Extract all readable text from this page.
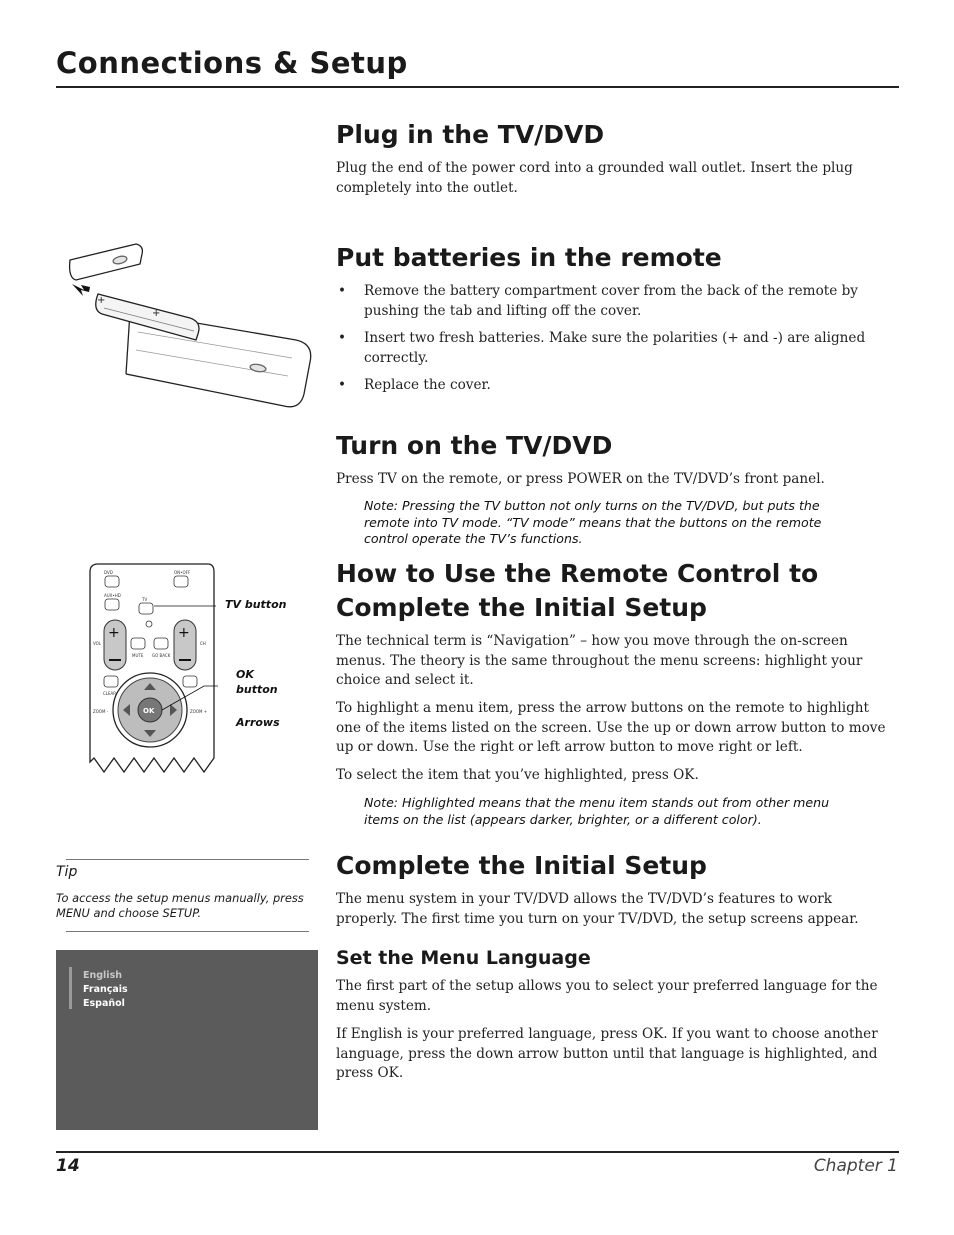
Connections & Setup
Plug in the TV/DVD
Plug the end of the power cord into a grounded wall outlet. Insert the plug completely into the outlet.
+
+
Put batteries in the remote
• Remove the battery compartment cover from the back of the remote by pushing the tab and lifting off the cover.
• Insert two fresh batteries. Make sure the polarities (+ and -) are aligned correctly.
• Replace the cover.
Turn on the TV/DVD
Press TV on the remote, or press POWER on the TV/DVD’s front panel.
Note: Pressing the TV button not only turns on the TV/DVD, but puts the remote into TV mode. “TV mode” means that the buttons on the remote control operate the TV’s functions.
+	+
DVD	ON•OFF
AUX•HD
TV
VOL	CH
MUTE GO BACK
CLEAR
ZOOM -	ZOOM +
OK
TV button
OK
button
Arrows
How to Use the Remote Control to
Complete the Initial Setup
The technical term is “Navigation” – how you move through the on-screen menus. The theory is the same throughout the menu screens: highlight your choice and select it.
To highlight a menu item, press the arrow buttons on the remote to highlight one of the items listed on the screen. Use the up or down arrow button to move up or down. Use the right or left arrow button to move right or left.
To select the item that you’ve highlighted, press OK.
Note: Highlighted means that the menu item stands out from other menu items on the list (appears darker, brighter, or a different color).
Tip
To access the setup menus manually, press MENU and choose SETUP.
English
Français
Español
Complete the Initial Setup
The menu system in your TV/DVD allows the TV/DVD’s features to work properly. The first time you turn on your TV/DVD, the setup screens appear.
Set the Menu Language
The first part of the setup allows you to select your preferred language for the menu system.
If English is your preferred language, press OK. If you want to choose another language, press the down arrow button until that language is highlighted, and press OK.
14	Chapter 1
